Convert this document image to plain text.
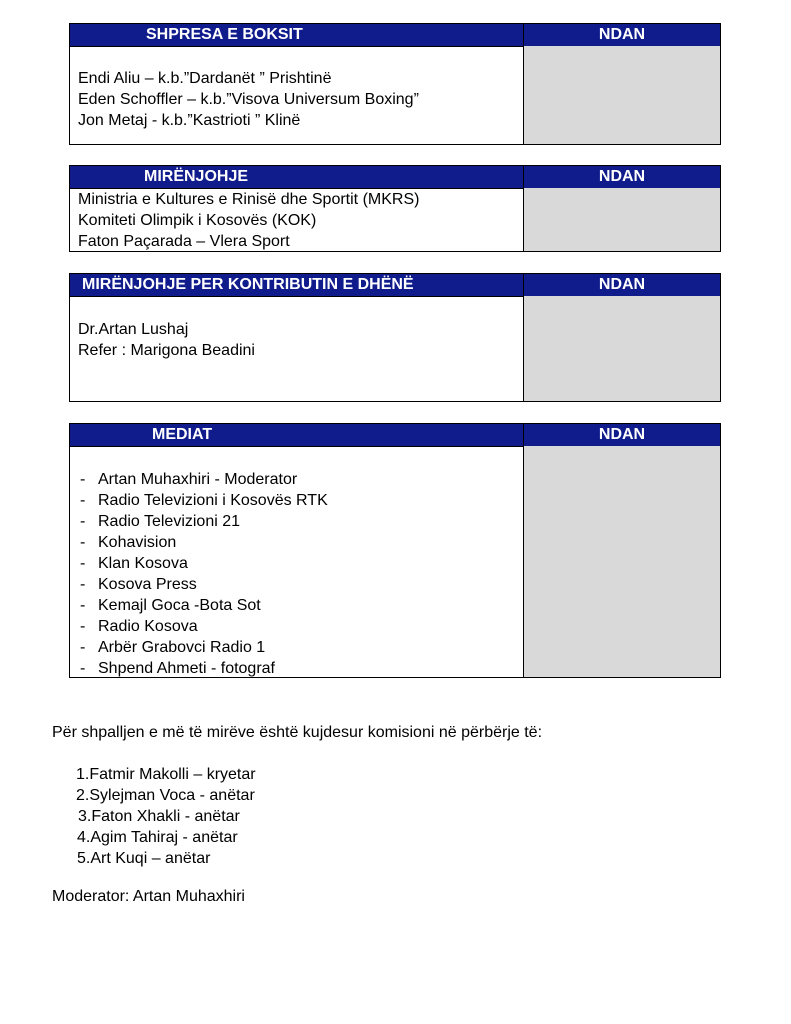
SHPRESA E BOKSIT	NDAN
Endi Aliu – k.b.”Dardanët ” Prishtinë
Eden Schoffler – k.b.”Visova Universum Boxing”
Jon Metaj - k.b.”Kastrioti ” Klinë
MIRËNJOHJE	NDAN
Ministria e Kultures e Rinisë dhe Sportit (MKRS)
Komiteti Olimpik i Kosovës (KOK)
Faton Paçarada – Vlera Sport
MIRËNJOHJE PER KONTRIBUTIN E DHËNË	NDAN
Dr.Artan Lushaj
Refer : Marigona Beadini
MEDIAT	NDAN
- Artan Muhaxhiri - Moderator
- Radio Televizioni i Kosovës RTK
- Radio Televizioni 21
- Kohavision
- Klan Kosova
- Kosova Press
- Kemajl Goca -Bota Sot
- Radio Kosova
- Arbër Grabovci Radio 1
- Shpend Ahmeti - fotograf
Për shpalljen e më të mirëve është kujdesur komisioni në përbërje të:
1.Fatmir Makolli – kryetar
2.Sylejman Voca - anëtar
3.Faton Xhakli - anëtar
4.Agim Tahiraj - anëtar
5.Art Kuqi – anëtar
Moderator: Artan Muhaxhiri
